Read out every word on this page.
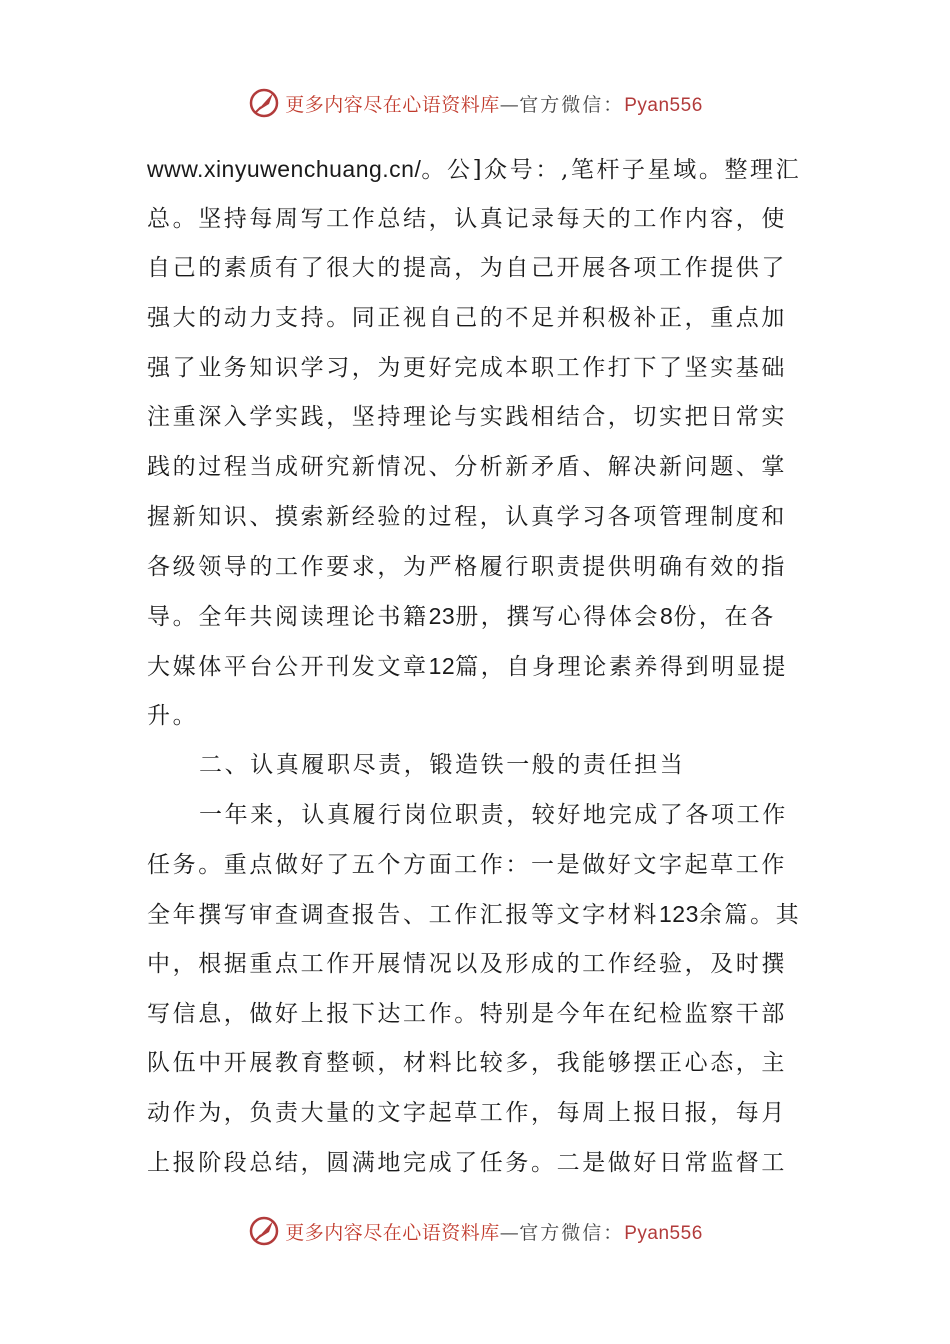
更多内容尽在心语资料库—官方微信：Pyan556
www.xinyuwenchuang.cn/。公]众号：,笔杆子星域。整理汇
总。坚持每周写工作总结，认真记录每天的工作内容，使
自己的素质有了很大的提高，为自己开展各项工作提供了
强大的动力支持。同正视自己的不足并积极补正，重点加
强了业务知识学习，为更好完成本职工作打下了坚实基础
注重深入学实践，坚持理论与实践相结合，切实把日常实
践的过程当成研究新情况、分析新矛盾、解决新问题、掌
握新知识、摸索新经验的过程，认真学习各项管理制度和
各级领导的工作要求，为严格履行职责提供明确有效的指
导。全年共阅读理论书籍23册，撰写心得体会8份，在各
大媒体平台公开刊发文章12篇，自身理论素养得到明显提
升。
二、认真履职尽责，锻造铁一般的责任担当
一年来，认真履行岗位职责，较好地完成了各项工作
任务。重点做好了五个方面工作：一是做好文字起草工作
全年撰写审查调查报告、工作汇报等文字材料123余篇。其
中，根据重点工作开展情况以及形成的工作经验，及时撰
写信息，做好上报下达工作。特别是今年在纪检监察干部
队伍中开展教育整顿，材料比较多，我能够摆正心态，主
动作为，负责大量的文字起草工作，每周上报日报，每月
上报阶段总结，圆满地完成了任务。二是做好日常监督工
更多内容尽在心语资料库—官方微信：Pyan556
